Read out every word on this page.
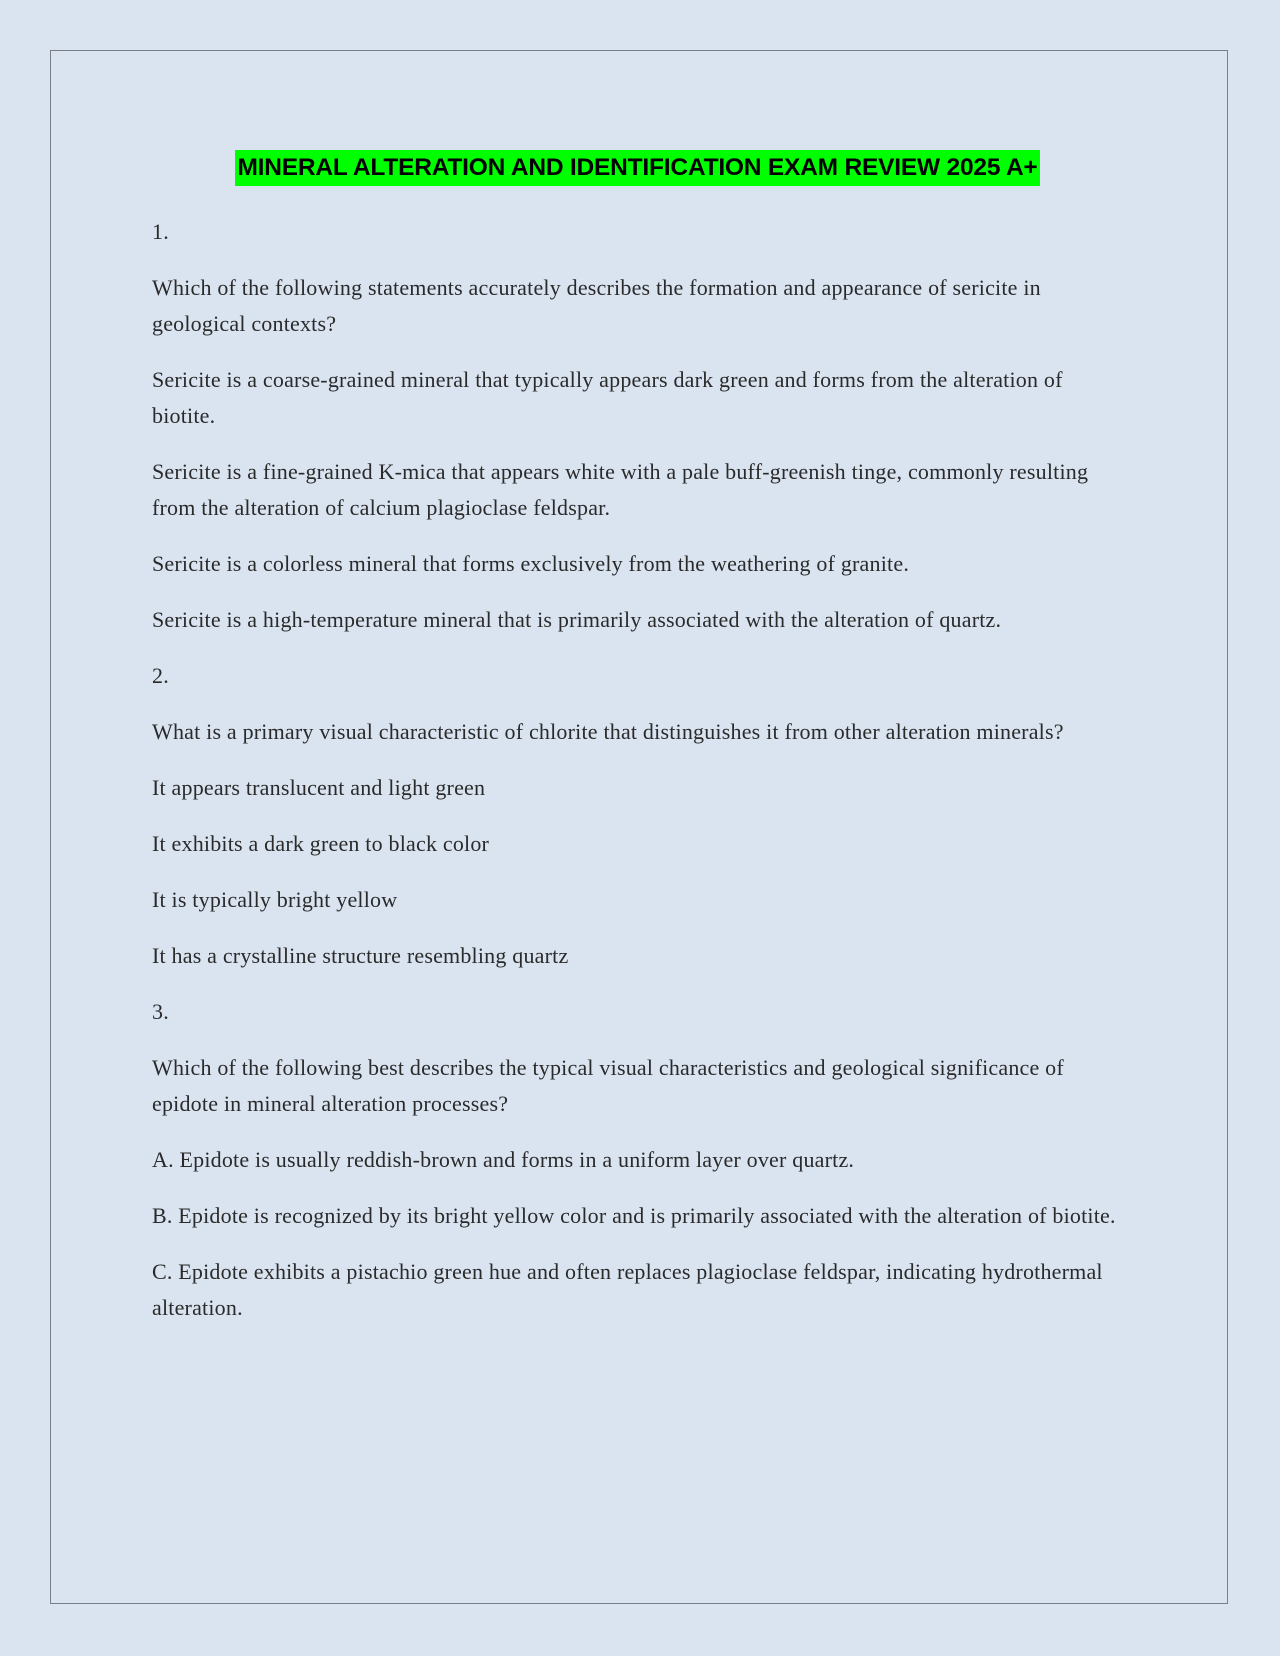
MINERAL ALTERATION AND IDENTIFICATION EXAM REVIEW 2025 A+

1.

Which of the following statements accurately describes the formation and appearance of sericite in geological contexts?

Sericite is a coarse-grained mineral that typically appears dark green and forms from the alteration of biotite.

Sericite is a fine-grained K-mica that appears white with a pale buff-greenish tinge, commonly resulting from the alteration of calcium plagioclase feldspar.

Sericite is a colorless mineral that forms exclusively from the weathering of granite.

Sericite is a high-temperature mineral that is primarily associated with the alteration of quartz.

2.

What is a primary visual characteristic of chlorite that distinguishes it from other alteration minerals?

It appears translucent and light green

It exhibits a dark green to black color

It is typically bright yellow

It has a crystalline structure resembling quartz

3.

Which of the following best describes the typical visual characteristics and geological significance of epidote in mineral alteration processes?

A. Epidote is usually reddish-brown and forms in a uniform layer over quartz.

B. Epidote is recognized by its bright yellow color and is primarily associated with the alteration of biotite.

C. Epidote exhibits a pistachio green hue and often replaces plagioclase feldspar, indicating hydrothermal alteration.
